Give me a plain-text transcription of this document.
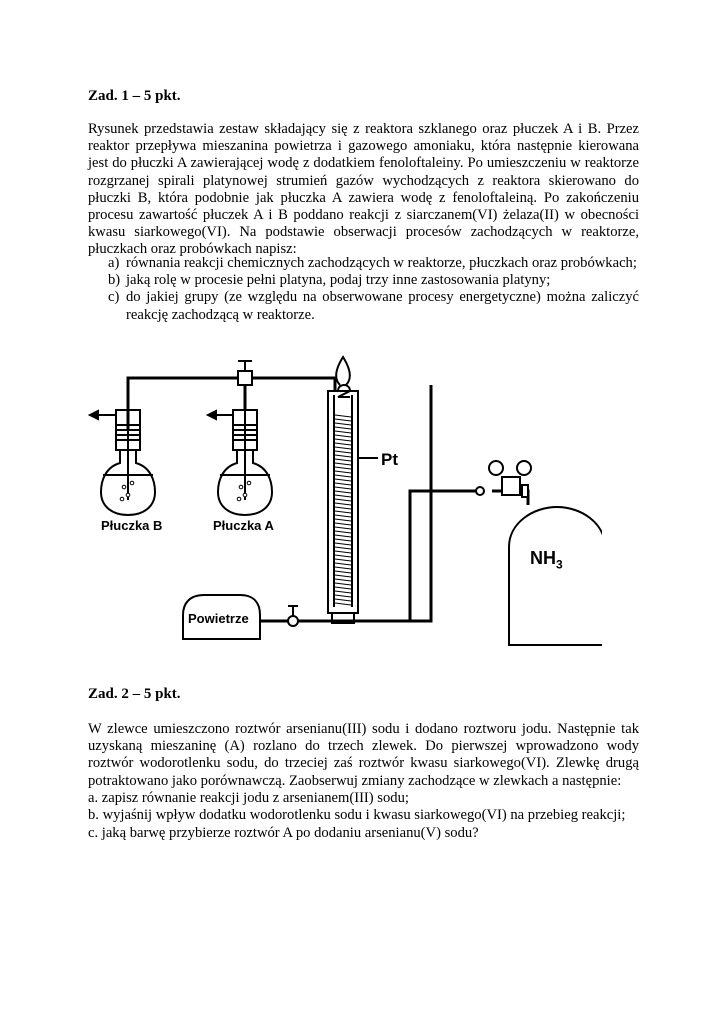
Zad. 1 – 5 pkt.
Rysunek przedstawia zestaw składający się z reaktora szklanego oraz płuczek A i B. Przez reaktor przepływa mieszanina powietrza i gazowego amoniaku, która następnie kierowana jest do płuczki A zawierającej wodę z dodatkiem fenoloftaleiny. Po umieszczeniu w reaktorze rozgrzanej spirali platynowej strumień gazów wychodzących z reaktora skierowano do płuczki B, która podobnie jak płuczka A zawiera wodę z fenoloftaleiną. Po zakończeniu procesu zawartość płuczek A i B poddano reakcji z siarczanem(VI) żelaza(II) w obecności kwasu siarkowego(VI). Na podstawie obserwacji procesów zachodzących w reaktorze, płuczkach oraz probówkach napisz:
a) równania reakcji chemicznych zachodzących w reaktorze, płuczkach oraz probówkach;
b) jaką rolę w procesie pełni platyna, podaj trzy inne zastosowania platyny;
c) do jakiej grupy (ze względu na obserwowane procesy energetyczne) można zaliczyć reakcję zachodzącą w reaktorze.
Płuczka B	Płuczka A
Pt
Powietrze
$NH_3$
Zad. 2 – 5 pkt.
W zlewce umieszczono roztwór arsenianu(III) sodu i dodano roztworu jodu. Następnie tak uzyskaną mieszaninę (A) rozlano do trzech zlewek. Do pierwszej wprowadzono wody roztwór wodorotlenku sodu, do trzeciej zaś roztwór kwasu siarkowego(VI). Zlewkę drugą potraktowano jako porównawczą. Zaobserwuj zmiany zachodzące w zlewkach a następnie:
a. zapisz równanie reakcji jodu z arsenianem(III) sodu;
b. wyjaśnij wpływ dodatku wodorotlenku sodu i kwasu siarkowego(VI) na przebieg reakcji;
c. jaką barwę przybierze roztwór A po dodaniu arsenianu(V) sodu?
